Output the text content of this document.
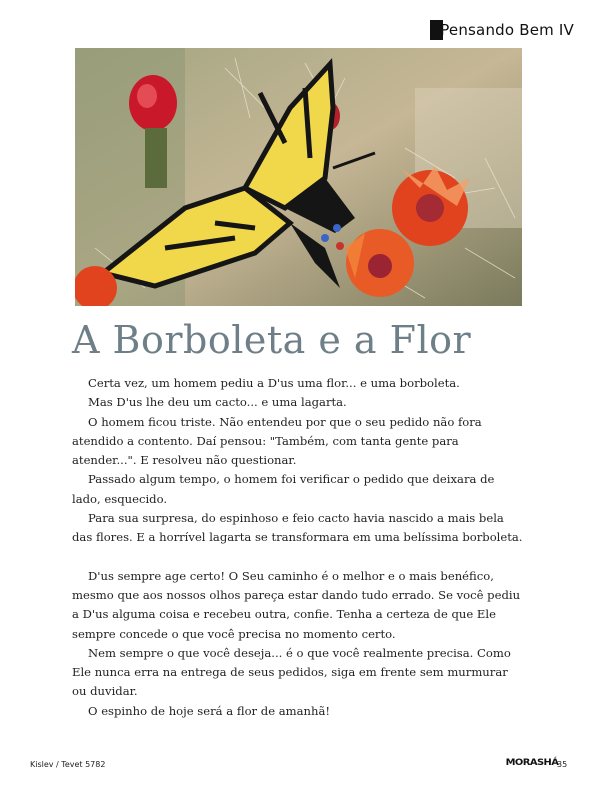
Pensando Bem IV
A Borboleta e a Flor

Certa vez, um homem pediu a D'us uma flor... e uma borboleta.

Mas D'us lhe deu um cacto... e uma lagarta.

O homem ficou triste. Não entendeu por que o seu pedido não fora atendido a contento. Daí pensou: "Também, com tanta gente para atender...". E resolveu não questionar.

Passado algum tempo, o homem foi verificar o pedido que deixara de lado, esquecido.

Para sua surpresa, do espinhoso e feio cacto havia nascido a mais bela das flores. E a horrível lagarta se transformara em uma belíssima borboleta.

D'us sempre age certo! O Seu caminho é o melhor e o mais benéfico, mesmo que aos nossos olhos pareça estar dando tudo errado. Se você pediu a D'us alguma coisa e recebeu outra, confie. Tenha a certeza de que Ele sempre concede o que você precisa no momento certo.

Nem sempre o que você deseja... é o que você realmente precisa. Como Ele nunca erra na entrega de seus pedidos, siga em frente sem murmurar ou duvidar.

O espinho de hoje será a flor de amanhã!

Kislev / Tevet 5782	MORASHÁ
35
